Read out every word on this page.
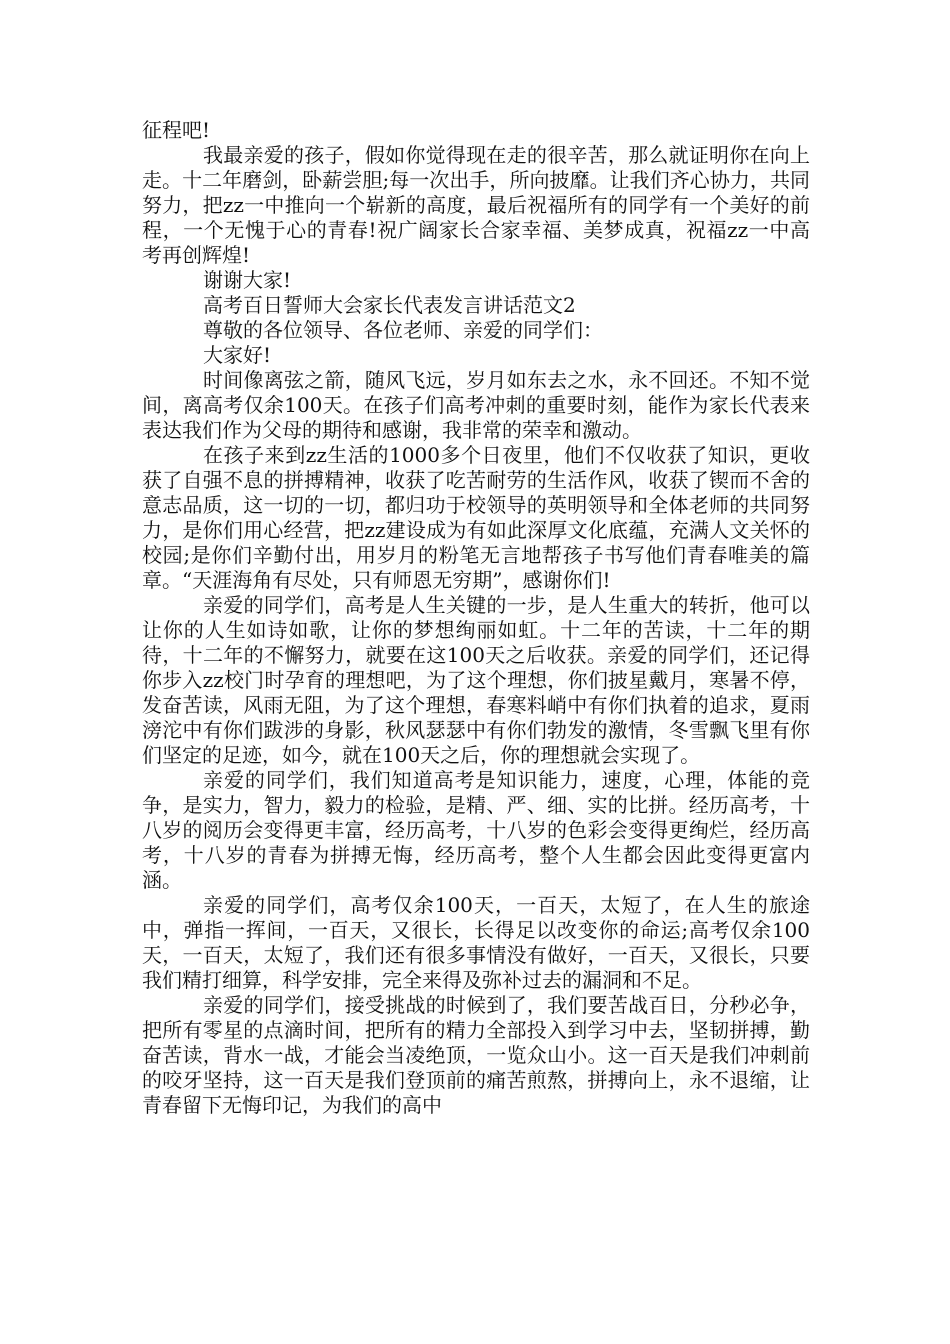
征程吧!

我最亲爱的孩子，假如你觉得现在走的很辛苦，那么就证明你在向上走。十二年磨剑，卧薪尝胆;每一次出手，所向披靡。让我们齐心协力，共同努力，把zz一中推向一个崭新的高度，最后祝福所有的同学有一个美好的前程，一个无愧于心的青春!祝广阔家长合家幸福、美梦成真，祝福zz一中高考再创辉煌!

谢谢大家!

高考百日誓师大会家长代表发言讲话范文2

尊敬的各位领导、各位老师、亲爱的同学们：

大家好!

时间像离弦之箭，随风飞远，岁月如东去之水，永不回还。不知不觉间，离高考仅余100天。在孩子们高考冲刺的重要时刻，能作为家长代表来表达我们作为父母的期待和感谢，我非常的荣幸和激动。

在孩子来到zz生活的1000多个日夜里，他们不仅收获了知识，更收获了自强不息的拼搏精神，收获了吃苦耐劳的生活作风，收获了锲而不舍的意志品质，这一切的一切，都归功于校领导的英明领导和全体老师的共同努力，是你们用心经营，把zz建设成为有如此深厚文化底蕴，充满人文关怀的校园;是你们辛勤付出，用岁月的粉笔无言地帮孩子书写他们青春唯美的篇章。“天涯海角有尽处，只有师恩无穷期”，感谢你们!

亲爱的同学们，高考是人生关键的一步，是人生重大的转折，他可以让你的人生如诗如歌，让你的梦想绚丽如虹。十二年的苦读，十二年的期待，十二年的不懈努力，就要在这100天之后收获。亲爱的同学们，还记得你步入zz校门时孕育的理想吧，为了这个理想，你们披星戴月，寒暑不停，发奋苦读，风雨无阻，为了这个理想，春寒料峭中有你们执着的追求，夏雨滂沱中有你们跋涉的身影，秋风瑟瑟中有你们勃发的激情，冬雪飘飞里有你们坚定的足迹，如今，就在100天之后，你的理想就会实现了。

亲爱的同学们，我们知道高考是知识能力，速度，心理，体能的竞争，是实力，智力，毅力的检验，是精、严、细、实的比拼。经历高考，十八岁的阅历会变得更丰富，经历高考，十八岁的色彩会变得更绚烂，经历高考，十八岁的青春为拼搏无悔，经历高考，整个人生都会因此变得更富内涵。

亲爱的同学们，高考仅余100天，一百天，太短了，在人生的旅途中，弹指一挥间，一百天，又很长，长得足以改变你的命运;高考仅余100天，一百天，太短了，我们还有很多事情没有做好，一百天，又很长，只要我们精打细算，科学安排，完全来得及弥补过去的漏洞和不足。

亲爱的同学们，接受挑战的时候到了，我们要苦战百日，分秒必争，把所有零星的点滴时间，把所有的精力全部投入到学习中去，坚韧拼搏，勤奋苦读，背水一战，才能会当凌绝顶，一览众山小。这一百天是我们冲刺前的咬牙坚持，这一百天是我们登顶前的痛苦煎熬，拼搏向上，永不退缩，让青春留下无悔印记，为我们的高中
